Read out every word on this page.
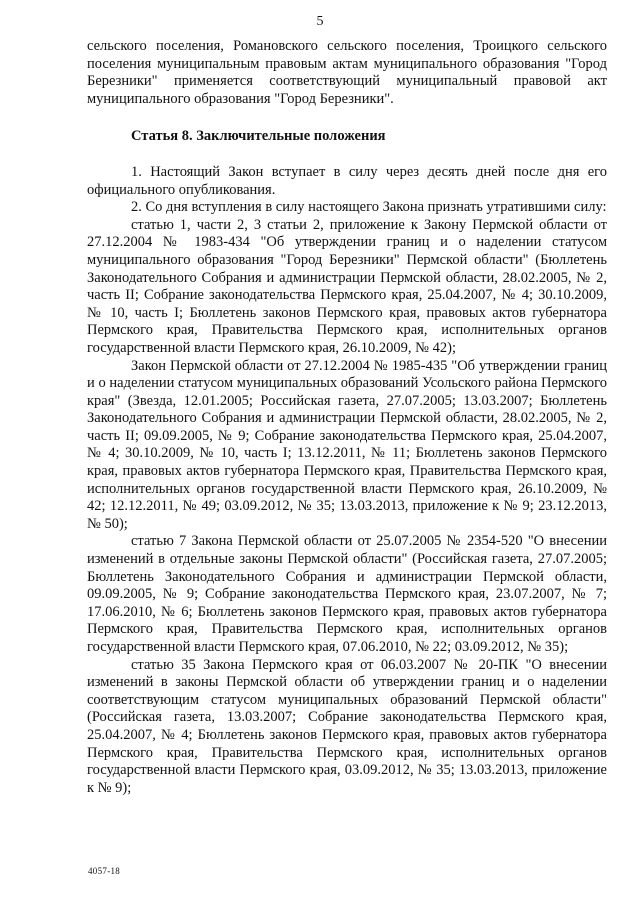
5

сельского поселения, Романовского сельского поселения, Троицкого сельского поселения муниципальным правовым актам муниципального образования "Город Березники" применяется соответствующий муниципальный правовой акт муниципального образования "Город Березники".

Статья 8. Заключительные положения

1. Настоящий Закон вступает в силу через десять дней после дня его официального опубликования.

2. Со дня вступления в силу настоящего Закона признать утратившими силу:

статью 1, части 2, 3 статьи 2, приложение к Закону Пермской области от 27.12.2004 № 1983-434 "Об утверждении границ и о наделении статусом муниципального образования "Город Березники" Пермской области" (Бюллетень Законодательного Собрания и администрации Пермской области, 28.02.2005, № 2, часть II; Собрание законодательства Пермского края, 25.04.2007, № 4; 30.10.2009, № 10, часть I; Бюллетень законов Пермского края, правовых актов губернатора Пермского края, Правительства Пермского края, исполнительных органов государственной власти Пермского края, 26.10.2009, № 42);

Закон Пермской области от 27.12.2004 № 1985-435 "Об утверждении границ и о наделении статусом муниципальных образований Усольского района Пермского края" (Звезда, 12.01.2005; Российская газета, 27.07.2005; 13.03.2007; Бюллетень Законодательного Собрания и администрации Пермской области, 28.02.2005, № 2, часть II; 09.09.2005, № 9; Собрание законодательства Пермского края, 25.04.2007, № 4; 30.10.2009, № 10, часть I; 13.12.2011, № 11; Бюллетень законов Пермского края, правовых актов губернатора Пермского края, Правительства Пермского края, исполнительных органов государственной власти Пермского края, 26.10.2009, № 42; 12.12.2011, № 49; 03.09.2012, № 35; 13.03.2013, приложение к № 9; 23.12.2013, № 50);

статью 7 Закона Пермской области от 25.07.2005 № 2354-520 "О внесении изменений в отдельные законы Пермской области" (Российская газета, 27.07.2005; Бюллетень Законодательного Собрания и администрации Пермской области, 09.09.2005, № 9; Собрание законодательства Пермского края, 23.07.2007, № 7; 17.06.2010, № 6; Бюллетень законов Пермского края, правовых актов губернатора Пермского края, Правительства Пермского края, исполнительных органов государственной власти Пермского края, 07.06.2010, № 22; 03.09.2012, № 35);

статью 35 Закона Пермского края от 06.03.2007 № 20-ПК "О внесении изменений в законы Пермской области об утверждении границ и о наделении соответствующим статусом муниципальных образований Пермской области" (Российская газета, 13.03.2007; Собрание законодательства Пермского края, 25.04.2007, № 4; Бюллетень законов Пермского края, правовых актов губернатора Пермского края, Правительства Пермского края, исполнительных органов государственной власти Пермского края, 03.09.2012, № 35; 13.03.2013, приложение к № 9);

4057-18
